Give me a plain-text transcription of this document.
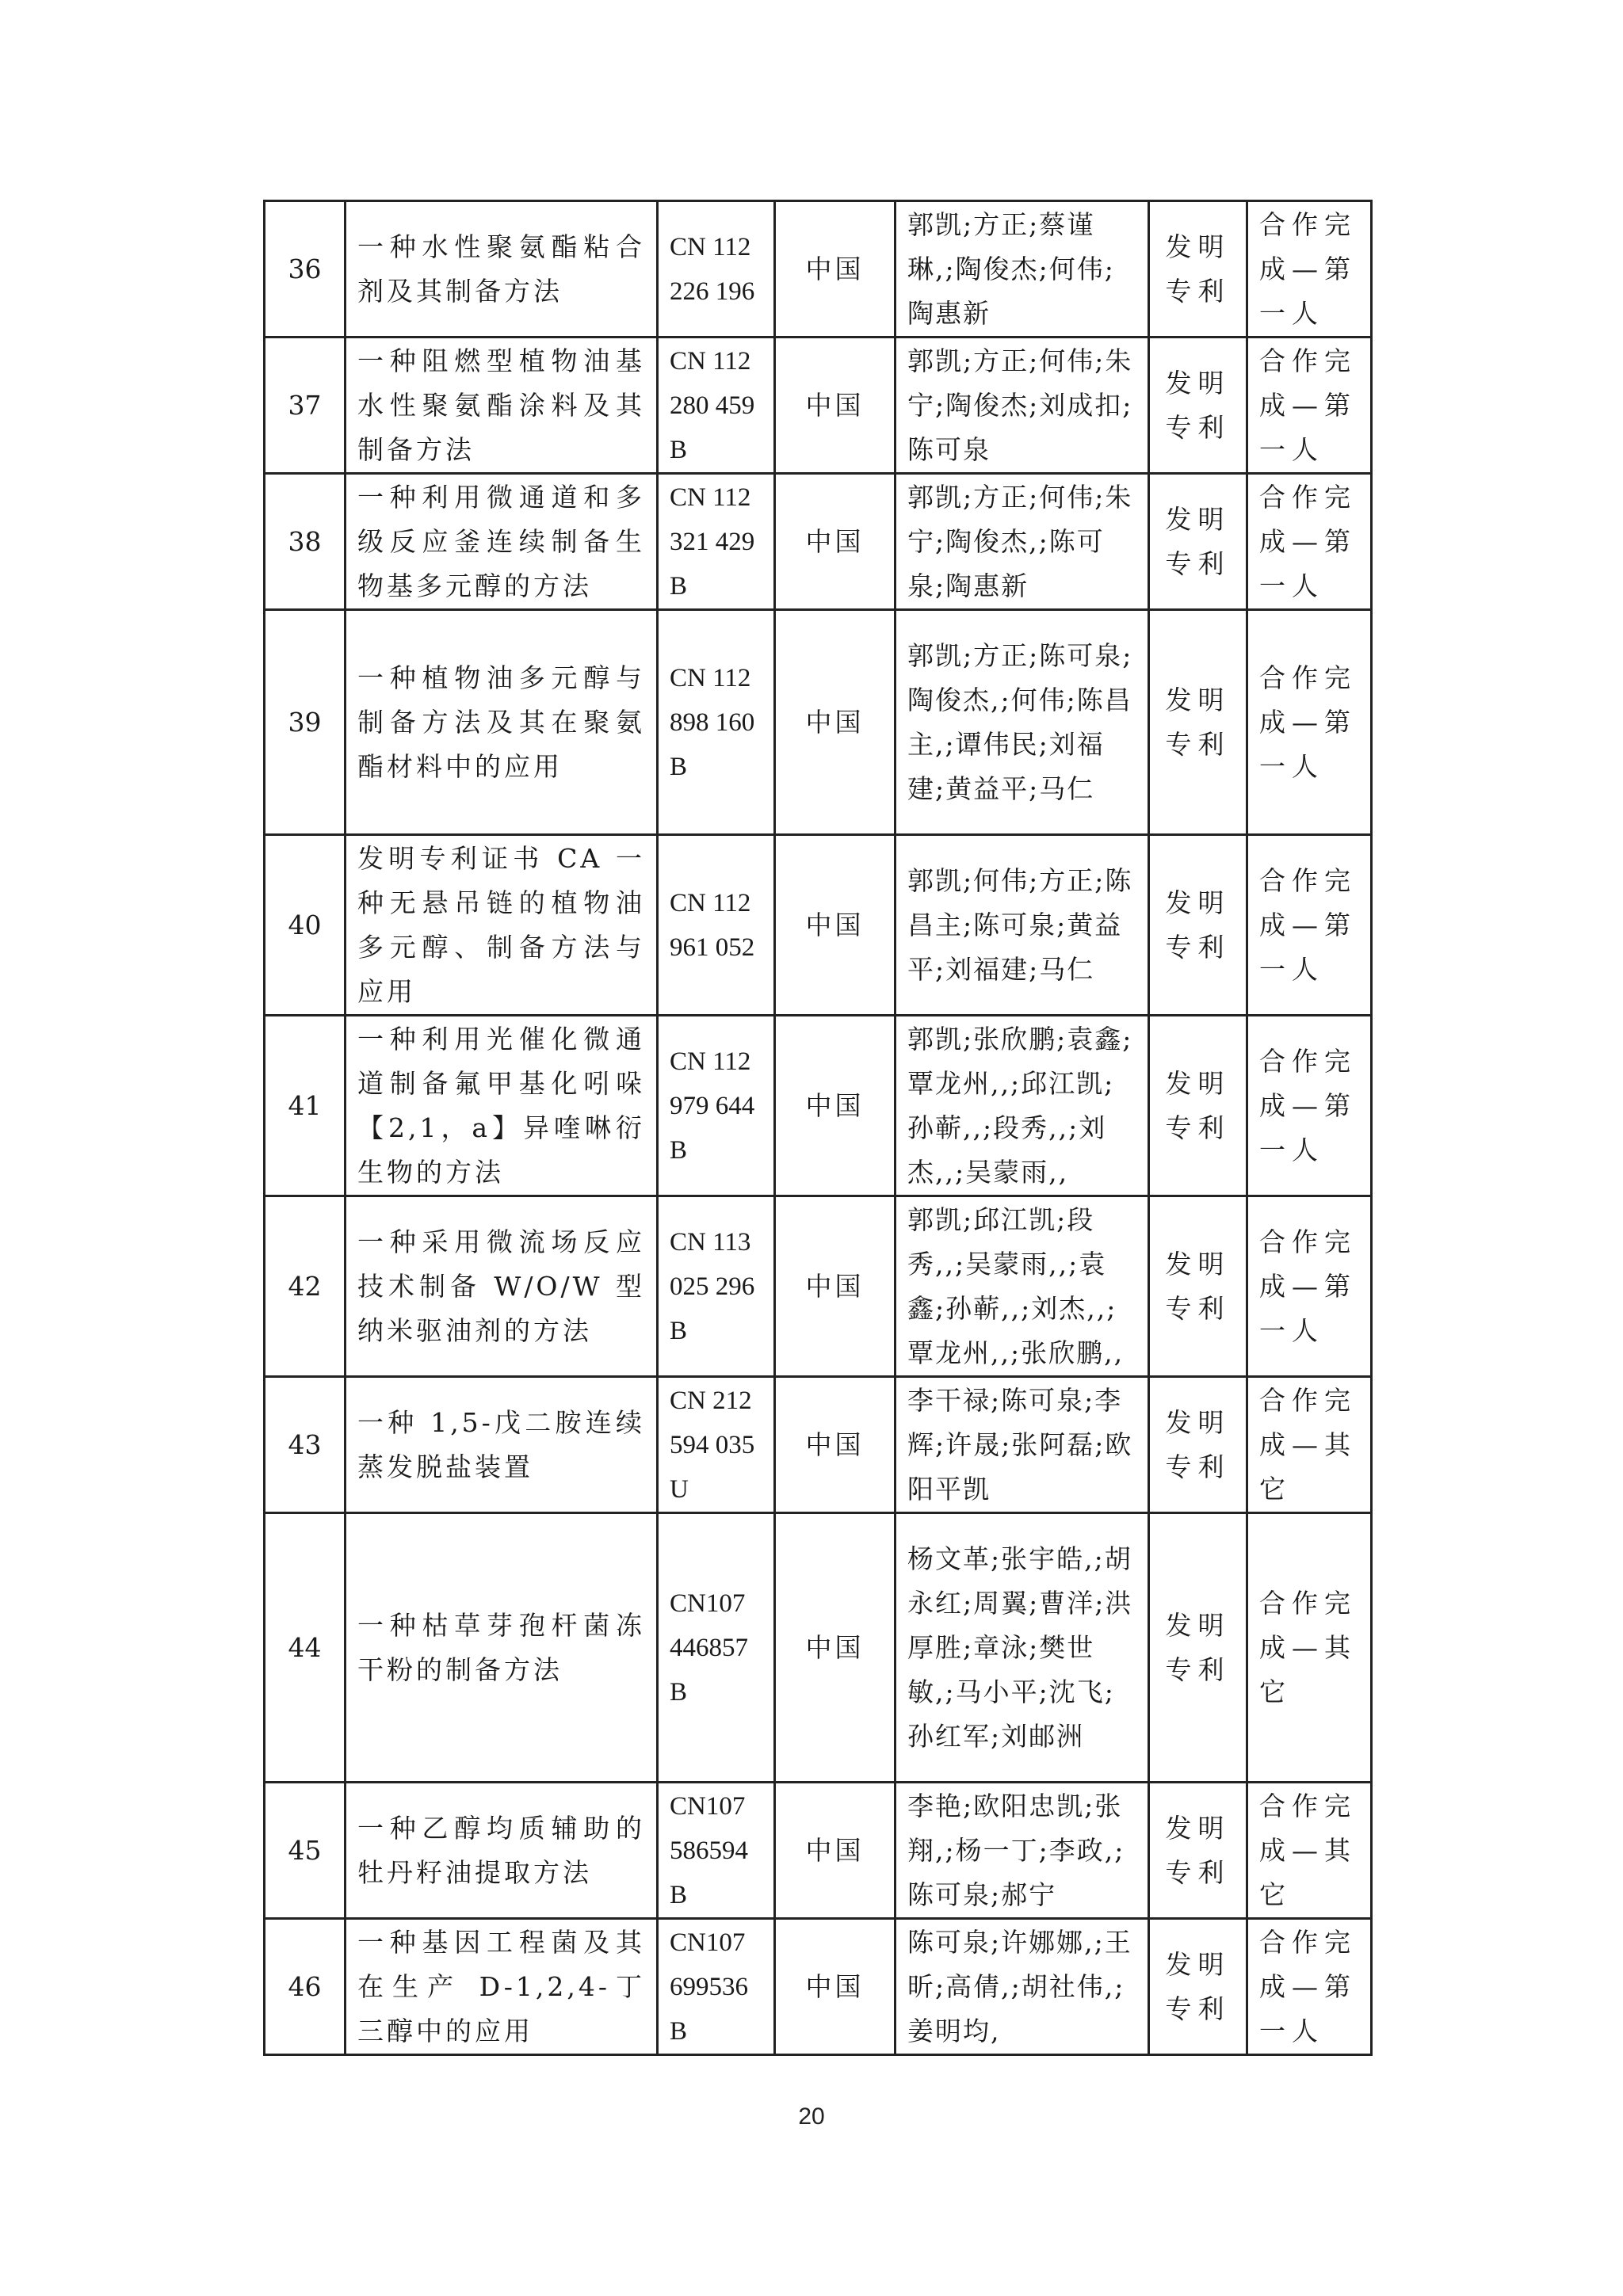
36	一种水性聚氨酯粘合剂及其制备方法	CN 112226 196	中国	郭凯;方正;蔡谨琳,;陶俊杰;何伟;陶惠新	发明专利	合作完成—第一人
37	一种阻燃型植物油基水性聚氨酯涂料及其制备方法	CN 112280 459 B	中国	郭凯;方正;何伟;朱宁;陶俊杰;刘成扣;陈可泉	发明专利	合作完成—第一人
38	一种利用微通道和多级反应釜连续制备生物基多元醇的方法	CN 112321 429 B	中国	郭凯;方正;何伟;朱宁;陶俊杰,;陈可泉;陶惠新	发明专利	合作完成—第一人
39	一种植物油多元醇与制备方法及其在聚氨酯材料中的应用	CN 112898 160 B	中国	郭凯;方正;陈可泉;陶俊杰,;何伟;陈昌主,;谭伟民;刘福建;黄益平;马仁	发明专利	合作完成—第一人
40	发明专利证书 CA 一种无悬吊链的植物油多元醇、制备方法与应用	CN 112961 052	中国	郭凯;何伟;方正;陈昌主;陈可泉;黄益平;刘福建;马仁	发明专利	合作完成—第一人
41	一种利用光催化微通道制备氟甲基化吲哚【2,1，a】异喹啉衍生物的方法	CN 112979 644 B	中国	郭凯;张欣鹏;袁鑫;覃龙州,,;邱江凯;孙蕲,,;段秀,,;刘杰,,;吴蒙雨,,	发明专利	合作完成—第一人
42	一种采用微流场反应技术制备 W/O/W 型纳米驱油剂的方法	CN 113025 296 B	中国	郭凯;邱江凯;段秀,,;吴蒙雨,,;袁鑫;孙蕲,,;刘杰,,;覃龙州,,;张欣鹏,,	发明专利	合作完成—第一人
43	一种 1,5-戊二胺连续蒸发脱盐装置	CN 212594 035 U	中国	李干禄;陈可泉;李辉;许晟;张阿磊;欧阳平凯	发明专利	合作完成—其它
44	一种枯草芽孢杆菌冻干粉的制备方法	CN107 446857 B	中国	杨文革;张宇皓,;胡永红;周翼;曹洋;洪厚胜;章泳;樊世敏,;马小平;沈飞;孙红军;刘邮洲	发明专利	合作完成—其它
45	一种乙醇均质辅助的牡丹籽油提取方法	CN107 586594 B	中国	李艳;欧阳忠凯;张翔,;杨一丁;李政,;陈可泉;郝宁	发明专利	合作完成—其它
46	一种基因工程菌及其在生产 D-1,2,4-丁三醇中的应用	CN107 699536 B	中国	陈可泉;许娜娜,;王昕;高倩,;胡社伟,;姜明均,	发明专利	合作完成—第一人
20
